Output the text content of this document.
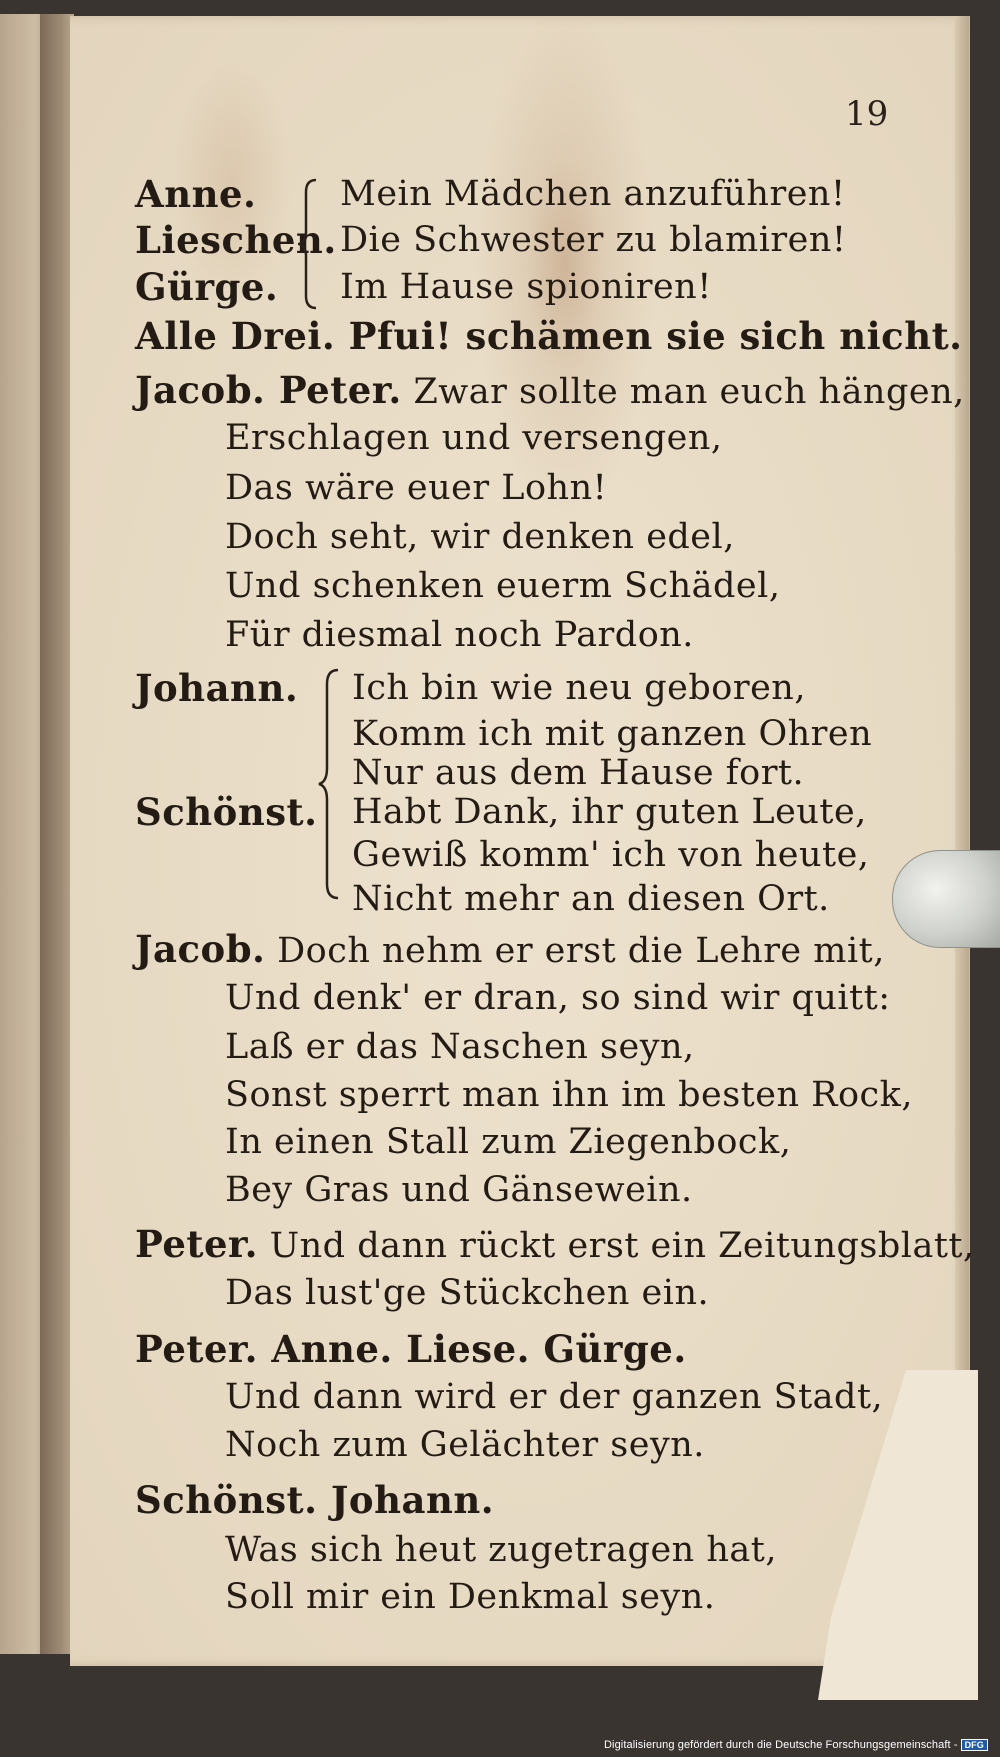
19
Anne.
Lieschen.
Gürge.
Mein Mädchen anzuführen!
Die Schwester zu blamiren!
Im Hause spioniren!
Alle Drei. Pfui! schämen sie sich nicht.
Jacob. Peter. Zwar sollte man euch hängen,
Erschlagen und versengen,
Das wäre euer Lohn!
Doch seht, wir denken edel,
Und schenken euerm Schädel,
Für diesmal noch Pardon.
Johann.
Schönst.
Ich bin wie neu geboren,
Komm ich mit ganzen Ohren
Nur aus dem Hause fort.
Habt Dank, ihr guten Leute,
Gewiß komm' ich von heute,
Nicht mehr an diesen Ort.
Jacob. Doch nehm er erst die Lehre mit,
Und denk' er dran, so sind wir quitt:
Laß er das Naschen seyn,
Sonst sperrt man ihn im besten Rock,
In einen Stall zum Ziegenbock,
Bey Gras und Gänsewein.
Peter. Und dann rückt erst ein Zeitungsblatt,
Das lust'ge Stückchen ein.
Peter. Anne. Liese. Gürge.
Und dann wird er der ganzen Stadt,
Noch zum Gelächter seyn.
Schönst. Johann.
Was sich heut zugetragen hat,
Soll mir ein Denkmal seyn.
Digitalisierung gefördert durch die Deutsche Forschungsgemeinschaft - DFG
